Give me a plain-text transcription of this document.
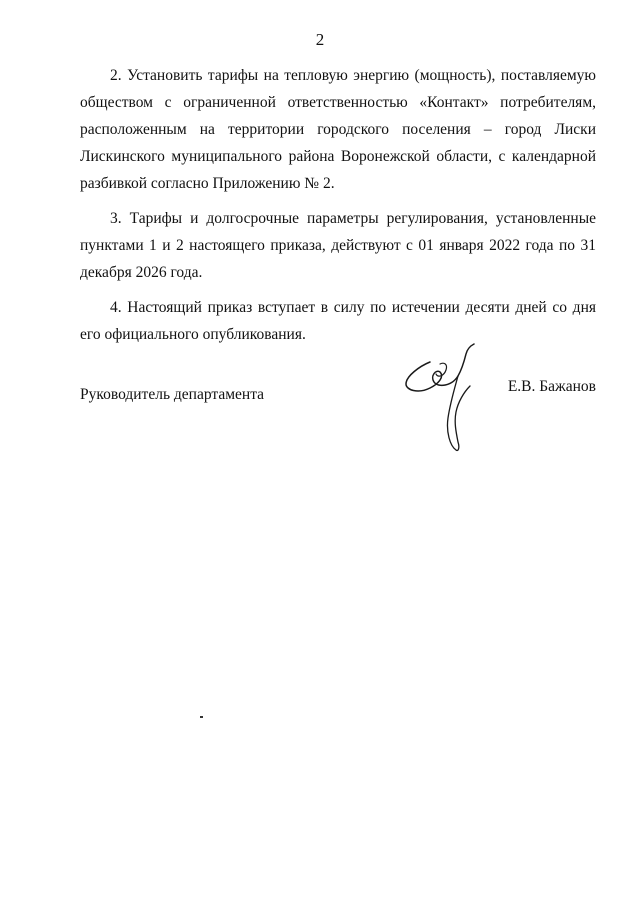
2

2. Установить тарифы на тепловую энергию (мощность), поставляемую обществом с ограниченной ответственностью «Контакт» потребителям, расположенным на территории городского поселения – город Лиски Лискинского муниципального района Воронежской области, с календарной разбивкой согласно Приложению № 2.

3. Тарифы и долгосрочные параметры регулирования, установленные пунктами 1 и 2 настоящего приказа, действуют с 01 января 2022 года по 31 декабря 2026 года.

4. Настоящий приказ вступает в силу по истечении десяти дней со дня его официального опубликования.

Руководитель департамента	Е.В. Бажанов
